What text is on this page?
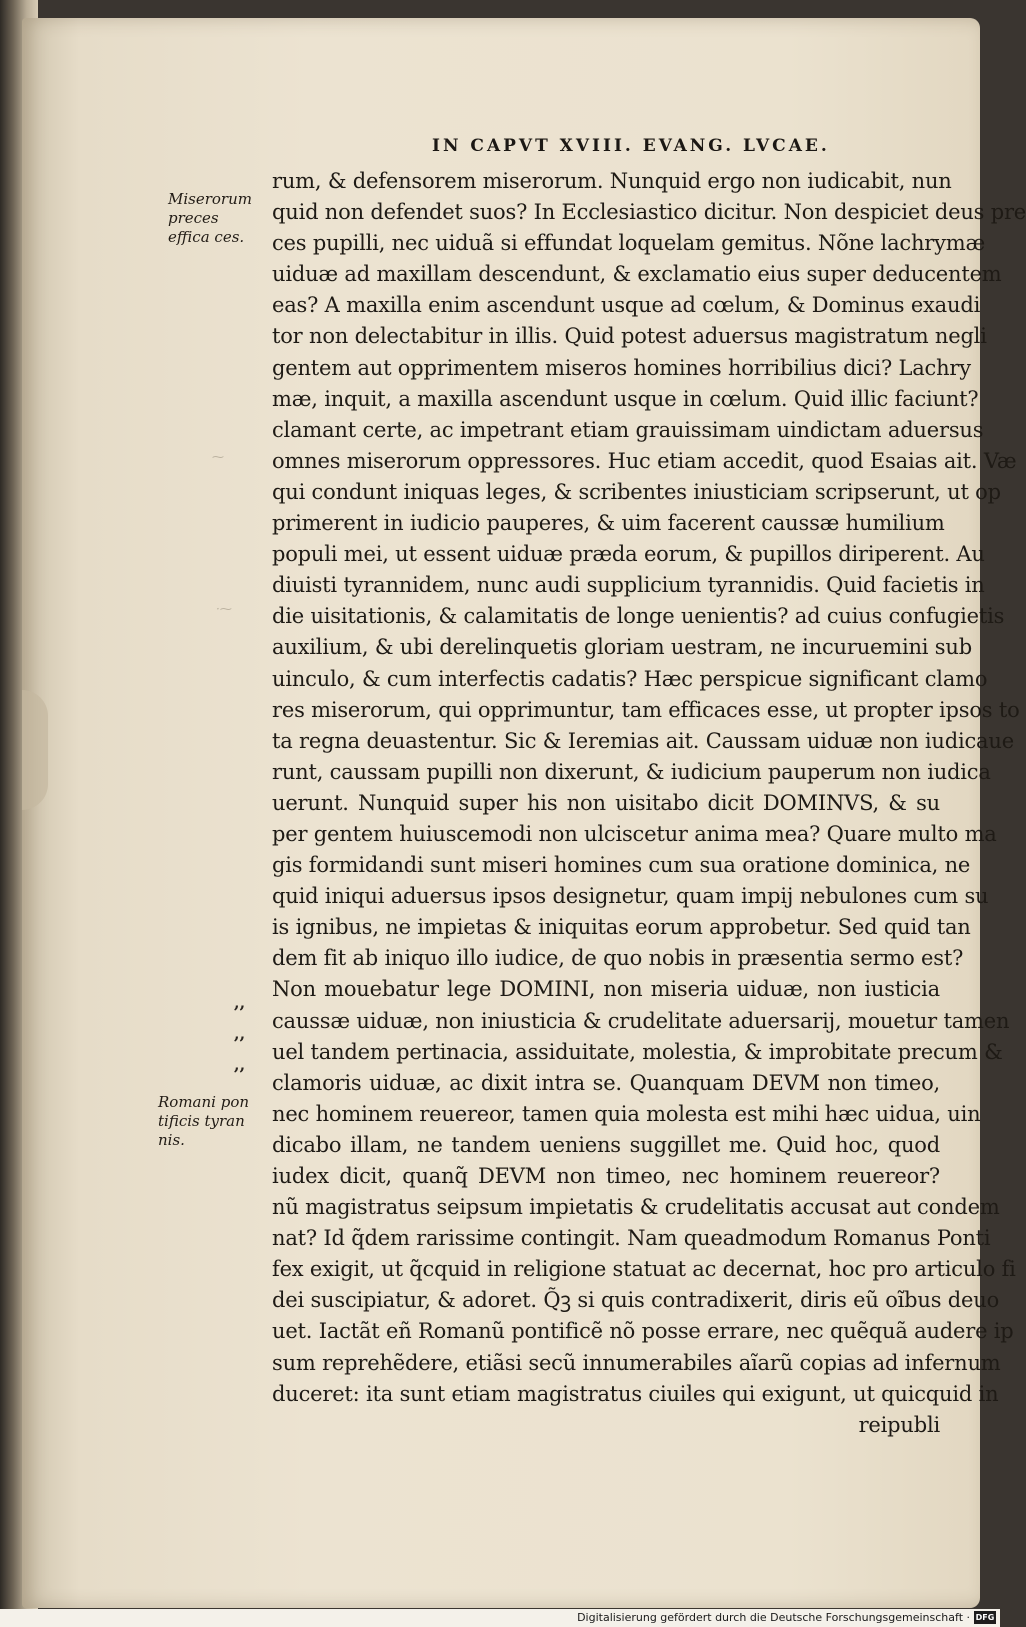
IN CAPVT XVIII. EVANG. LVCAE.
Miserorum preces effica ces.
Romani pon tificis tyran nis.
⁓
·⁓
,,
,,
,,
rum, & defensorem miserorum. Nunquid ergo non iudicabit, nun
quid non defendet suos? In Ecclesiastico dicitur. Non despiciet deus pre
ces pupilli, nec uiduã si effundat loquelam gemitus. Nõne lachrymæ
uiduæ ad maxillam descendunt, & exclamatio eius super deducentem
eas? A maxilla enim ascendunt usque ad cœlum, & Dominus exaudi
tor non delectabitur in illis. Quid potest aduersus magistratum negli
gentem aut opprimentem miseros homines horribilius dici? Lachry
mæ, inquit, a maxilla ascendunt usque in cœlum. Quid illic faciunt?
clamant certe, ac impetrant etiam grauissimam uindictam aduersus
omnes miserorum oppressores. Huc etiam accedit, quod Esaias ait. Væ
qui condunt iniquas leges, & scribentes iniusticiam scripserunt, ut op
primerent in iudicio pauperes, & uim facerent caussæ humilium
populi mei, ut essent uiduæ præda eorum, & pupillos diriperent. Au
diuisti tyrannidem, nunc audi supplicium tyrannidis. Quid facietis in
die uisitationis, & calamitatis de longe uenientis? ad cuius confugietis
auxilium, & ubi derelinquetis gloriam uestram, ne incuruemini sub
uinculo, & cum interfectis cadatis? Hæc perspicue significant clamo
res miserorum, qui opprimuntur, tam efficaces esse, ut propter ipsos to
ta regna deuastentur. Sic & Ieremias ait. Caussam uiduæ non iudicaue
runt, caussam pupilli non dixerunt, & iudicium pauperum non iudica
uerunt. Nunquid super his non uisitabo dicit DOMINVS, & su
per gentem huiuscemodi non ulciscetur anima mea? Quare multo ma
gis formidandi sunt miseri homines cum sua oratione dominica, ne
quid iniqui aduersus ipsos designetur, quam impij nebulones cum su
is ignibus, ne impietas & iniquitas eorum approbetur. Sed quid tan
dem fit ab iniquo illo iudice, de quo nobis in præsentia sermo est?
Non mouebatur lege DOMINI, non miseria uiduæ, non iusticia
caussæ uiduæ, non iniusticia & crudelitate aduersarij, mouetur tamen
uel tandem pertinacia, assiduitate, molestia, & improbitate precum &
clamoris uiduæ, ac dixit intra se. Quanquam DEVM non timeo,
nec hominem reuereor, tamen quia molesta est mihi hæc uidua, uin
dicabo illam, ne tandem ueniens suggillet me. Quid hoc, quod
iudex dicit, quanq̃ DEVM non timeo, nec hominem reuereor?
nũ magistratus seipsum impietatis & crudelitatis accusat aut condem
nat? Id q̃dem rarissime contingit. Nam queadmodum Romanus Ponti
fex exigit, ut q̃cquid in religione statuat ac decernat, hoc pro articulo fi
dei suscipiatur, & adoret. Q̃ꝫ si quis contradixerit, diris eũ oĩbus deuo
uet. Iactãt eñ Romanũ pontificẽ nõ posse errare, nec quẽquã audere ip
sum reprehẽdere, etiãsi secũ innumerabiles aĩarũ copias ad infernum
duceret: ita sunt etiam magistratus ciuiles qui exigunt, ut quicquid in
reipubli
Digitalisierung gefördert durch die Deutsche Forschungsgemeinschaft · DFG
